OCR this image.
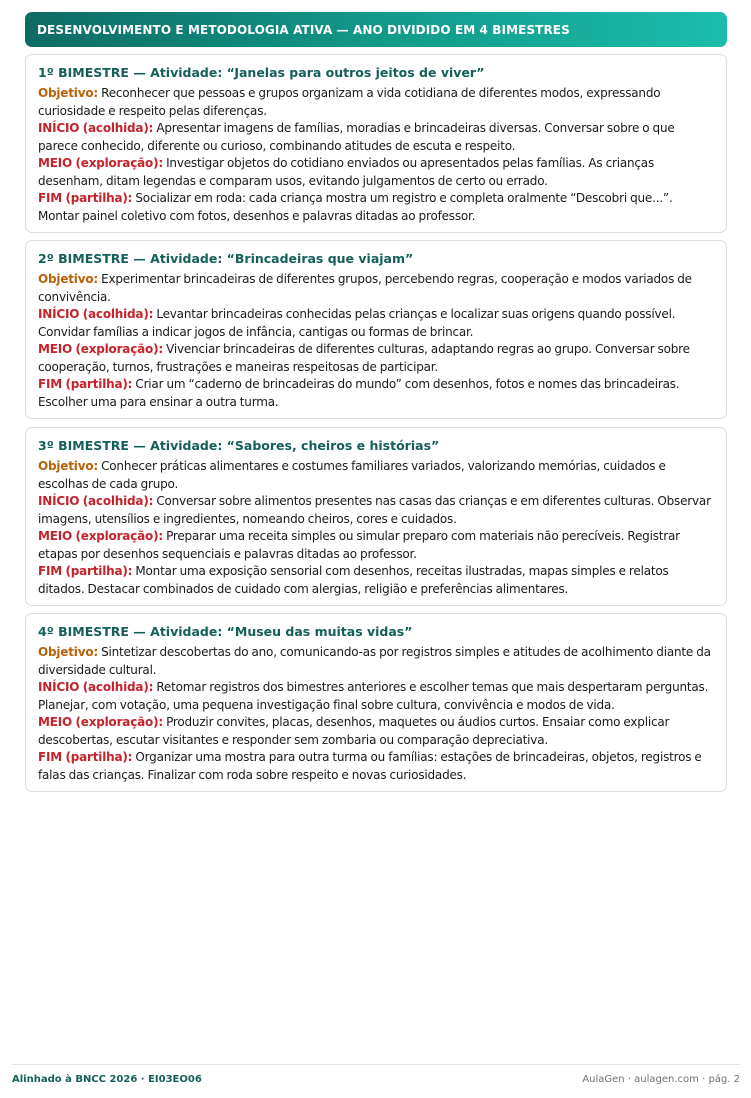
DESENVOLVIMENTO E METODOLOGIA ATIVA — ANO DIVIDIDO EM 4 BIMESTRES
1º BIMESTRE — Atividade: “Janelas para outros jeitos de viver”
Objetivo: Reconhecer que pessoas e grupos organizam a vida cotidiana de diferentes modos, expressando curiosidade e respeito pelas diferenças.
INÍCIO (acolhida): Apresentar imagens de famílias, moradias e brincadeiras diversas. Conversar sobre o que parece conhecido, diferente ou curioso, combinando atitudes de escuta e respeito.
MEIO (exploração): Investigar objetos do cotidiano enviados ou apresentados pelas famílias. As crianças desenham, ditam legendas e comparam usos, evitando julgamentos de certo ou errado.
FIM (partilha): Socializar em roda: cada criança mostra um registro e completa oralmente “Descobri que...”. Montar painel coletivo com fotos, desenhos e palavras ditadas ao professor.
2º BIMESTRE — Atividade: “Brincadeiras que viajam”
Objetivo: Experimentar brincadeiras de diferentes grupos, percebendo regras, cooperação e modos variados de convivência.
INÍCIO (acolhida): Levantar brincadeiras conhecidas pelas crianças e localizar suas origens quando possível. Convidar famílias a indicar jogos de infância, cantigas ou formas de brincar.
MEIO (exploração): Vivenciar brincadeiras de diferentes culturas, adaptando regras ao grupo. Conversar sobre cooperação, turnos, frustrações e maneiras respeitosas de participar.
FIM (partilha): Criar um “caderno de brincadeiras do mundo” com desenhos, fotos e nomes das brincadeiras. Escolher uma para ensinar a outra turma.
3º BIMESTRE — Atividade: “Sabores, cheiros e histórias”
Objetivo: Conhecer práticas alimentares e costumes familiares variados, valorizando memórias, cuidados e escolhas de cada grupo.
INÍCIO (acolhida): Conversar sobre alimentos presentes nas casas das crianças e em diferentes culturas. Observar imagens, utensílios e ingredientes, nomeando cheiros, cores e cuidados.
MEIO (exploração): Preparar uma receita simples ou simular preparo com materiais não perecíveis. Registrar etapas por desenhos sequenciais e palavras ditadas ao professor.
FIM (partilha): Montar uma exposição sensorial com desenhos, receitas ilustradas, mapas simples e relatos ditados. Destacar combinados de cuidado com alergias, religião e preferências alimentares.
4º BIMESTRE — Atividade: “Museu das muitas vidas”
Objetivo: Sintetizar descobertas do ano, comunicando-as por registros simples e atitudes de acolhimento diante da diversidade cultural.
INÍCIO (acolhida): Retomar registros dos bimestres anteriores e escolher temas que mais despertaram perguntas. Planejar, com votação, uma pequena investigação final sobre cultura, convivência e modos de vida.
MEIO (exploração): Produzir convites, placas, desenhos, maquetes ou áudios curtos. Ensaiar como explicar descobertas, escutar visitantes e responder sem zombaria ou comparação depreciativa.
FIM (partilha): Organizar uma mostra para outra turma ou famílias: estações de brincadeiras, objetos, registros e falas das crianças. Finalizar com roda sobre respeito e novas curiosidades.
Alinhado à BNCC 2026 · EI03EO06	AulaGen · aulagen.com · pág. 2
